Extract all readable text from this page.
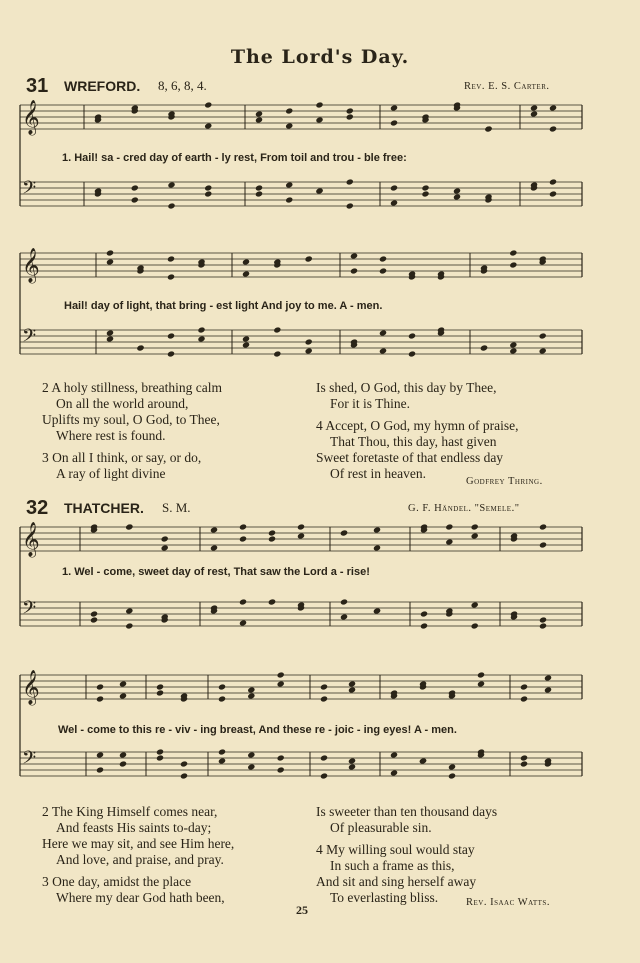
The Lord's Day.
31 WREFORD. 8, 6, 8, 4.	Rev. E. S. Carter.
𝄞
𝄢
𝄞
𝄢
𝄞
𝄢
𝄞
𝄢
1. Hail! sa - cred day of earth - ly rest, From toil and trou - ble free:
Hail! day of light, that bring - est light And joy to me. A - men.
2 A holy stillness, breathing calm
On all the world around,
Uplifts my soul, O God, to Thee,
Where rest is found.
3 On all I think, or say, or do,
A ray of light divine
Is shed, O God, this day by Thee,
For it is Thine.
4 Accept, O God, my hymn of praise,
That Thou, this day, hast given
Sweet foretaste of that endless day
Of rest in heaven.
Godfrey Thring.
32 THATCHER. S. M.	G. F. Händel. "Semele."
1. Wel - come, sweet day of rest, That saw the Lord a - rise!
Wel - come to this re - viv - ing breast, And these re - joic - ing eyes! A - men.
2 The King Himself comes near,
And feasts His saints to-day;
Here we may sit, and see Him here,
And love, and praise, and pray.
3 One day, amidst the place
Where my dear God hath been,
Is sweeter than ten thousand days
Of pleasurable sin.
4 My willing soul would stay
In such a frame as this,
And sit and sing herself away
To everlasting bliss.	Rev. Isaac Watts.
25
